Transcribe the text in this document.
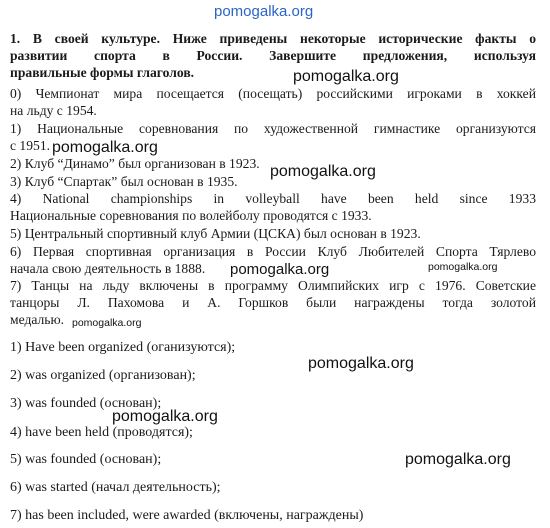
pomogalka.org
pomogalka.org
pomogalka.org
pomogalka.org
pomogalka.org	pomogalka.org
pomogalka.org
pomogalka.org
pomogalka.org
pomogalka.org
1. В своей культуре. Ниже приведены некоторые исторические факты о
развитии спорта в России. Завершите предложения, используя
правильные формы глаголов.
0) Чемпионат мира посещается (посещать) российскими игроками в хоккей
на льду с 1954.
1) Национальные соревнования по художественной гимнастике организуются
с 1951.
2) Клуб “Динамо” был организован в 1923.
3) Клуб “Спартак” был основан в 1935.
4) National championships in volleyball have been held since 1933
Национальные соревнования по волейболу проводятся с 1933.
5) Центральный спортивный клуб Армии (ЦСКА) был основан в 1923.
6) Первая спортивная организация в России Клуб Любителей Спорта Тярлево
начала свою деятельность в 1888.
7) Танцы на льду включены в программу Олимпийских игр с 1976. Советские
танцоры Л. Пахомова и А. Горшков были награждены тогда золотой
медалью.
1) Have been organized (оганизуются);
2) was organized (организован);
3) was founded (основан);
4) have been held (проводятся);
5) was founded (основан);
6) was started (начал деятельность);
7) has been included, were awarded (включены, награждены)
